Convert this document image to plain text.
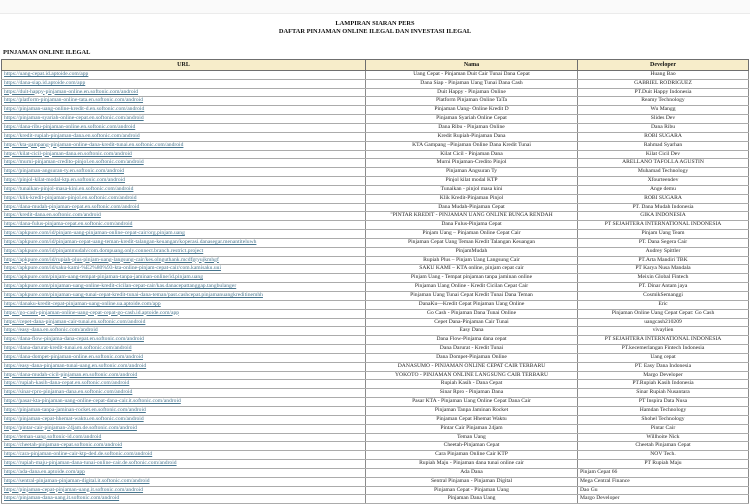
LAMPIRAN SIARAN PERS
DAFTAR PINJAMAN ONLINE ILEGAL DAN INVESTASI ILEGAL
PINJAMAN ONLINE ILEGAL
URL	Nama	Developer
https://uang-cepat.id.aptoide.com/app	Uang Cepat - Pinjaman Duit Cair Tunai Dana Cepat	Huang Bao
https://dana-siap.id.aptoide.com/app	Dana Siap - Pinjaman Uang Tunai Dana Cash	GABRIEL RODRIGUEZ
https://duit-happy-pinjaman-online.en.softonic.com/android	Duit Happy - Pinjaman Online	PT.Duit Happy Indonesia
https://platform-pinjaman-online-tata.en.softonic.com/android	Platform Pinjaman Online TaTa	Reamy Technology
https://pinjaman-uang-online-kredit-d.en.softonic.com/android	Pinjaman Uang- Online Kredit D	Wu Mangg
https://pinjaman-syariah-online-cepat.en.softonic.com/android	Pinjaman Syariah Online Cepat	Slides Dev
https://dana-ribu-pinjaman-online.en.softonic.com/android	Dana Ribu - Pinjaman Online	Dana Ribu
https://kredit-rupiah-pinjaman-dana.en.softonic.com/android	Kredit Rupiah-Pinjaman Dana	ROBI SUGARA
https://kta-gampang-pinjaman-online-dana-kredit-tunai.en.softonic.com/android	KTA Gampang –Pinjaman Online Dana Kredit Tunai	Rahmad Syarhan
https://kilat-cicil-pinjaman-dana.en.softonic.com/android	Kilat Cicil - Pinjaman Dana	Kilat Cicil Dev
https://murni-pinjaman-credito-pinjol.en.softonic.com/android	Murni Pinjaman-Credito Pinjol	ARELLANO TAFOLLA AGUSTIN
https://pinjaman-angsuran-ty.en.softonic.com/android	Pinjaman Angsuran Ty	Muhamad Technology
https://pinjol-kilat-modal-ktp.en.softonic.com/android	Pinjol kilat modal KTP	Xfourteendev
https://tunaikan-pinjol-masa-kini.en.softonic.com/android	Tunaikan - pinjol masa kini	Ange demu
https://klik-kredit-pinjaman-pinjol.en.softonic.com/android	Klik Kredit-Pinjaman Pinjol	ROBI SUGARA
https://dana-mudah-pinjaman-cepat.en.softonic.com/android	Dana Mudah-Pinjaman Cepat	PT. Dana Mudah Indonesia
https://kredit-dana.en.softonic.com/android	"PINTAR KREDIT - PINJAMAN UANG ONLINE BUNGA RENDAH	GIKA INDONESIA
https://dana-fulus-pinjama-cepat.en.softonic.com/android	Dana Fulus-Pinjama Cepat	PT SEJAHTERA INTERNATIONAL INDONESIA
https://apkpure.com/id/pinjam-uang-pinjaman-online-cepat-cair/org.pinjam.uang	Pinjam Uang – Pinjaman Online Cepat Cair	Pinjam Uang Team
https://apkpure.com/id/pinjaman-cepat-uang-teman-kredit-talangan-keuangan/koperasi.danasegar.menantiteluwh	Pinjaman Cepat Uang Teman Kredit Talangan Keuangan	PT. Dana Segera Cair
https://apkpure.com/id/pinjammudah/com.dompuang.only.connect.branch.restrict.project	PinjamMudah	Audrey Spittler
https://apkpure.com/id/rupiah-plus-pinjam-uang-langsung-cair/kes.olnguthank.mcdfgryujkmhgf	Rupiah Plus – Pinjam Uang Langsung Cair	PT.Arta Mandiri TBK
https://apkpure.com/id/saku-kami-%E2%80%93-kta-online-pinjam-cepat-cair/com.kamisaku.uui	SAKU KAMI – KTA online, pinjam cepat cair	PT Karya Nusa Mandala
https://apkpure.com/pinjam-uang-tempat-pinjaman-tanpa-jaminan-online/id.pinjam.uang	Pinjam Uang - Tempat pinjaman tanpa jaminan online	Meixin Global Fintech
https://apkpure.com/pinjaman-uang-online-kredit-cicilan-cepat-cair/kas.danacepattanggap.tangbulanger	Pinjaman Uang Online - Kredit Cicilan Cepat Cair	PT. Dinar Antam jaya
https://apkpure.com/pinjaman-uang-tunai-cepat-kredit-tunai-dana-teman/past.cashcepat.pinjamanuangkreditinemhh	Pinjaman Uang Tunai Cepat Kredit Tunai Dana Teman	CosmikSemanggi
https://danaku-kredit-cepat-pinjaman-uang-online.ua.aptoide.com/app	DanaKu—Kredit Cepat Pinjaman Uang Online	Eric
https://go-cash-pinjaman-online-uang-cepat-cepat-go-cash.id.aptoide.com/app	Go Cash - Pinjaman Dana Tunai Online	Pinjaman Online Uang Cepat Cepat: Go Cash
https://cepet-dana-pinjaman-cair-tunai.en.softonic.com/android	Cepet Dana-Pinjaman Cair Tunai	uangcash210209
https://easy-dana.en.softonic.com/android	Easy Dana	vivaylien
https://dana-flow-pinjama-dana-cepat.en.softonic.com/android	Dana Flow-Pinjama dana cepat	PT SEJAHTERA INTERNATIONAL INDONESIA
https://dana-darurat-kredit-tunai.en.softonic.com/android	Dana Darurat - Kredit Tunai	PT.kecemerlangan Fintech Indonesia
https://dana-dompet-pinjaman-online.en.softonic.com/android	Dana Dompet-Pinjaman Online	Uang cepat
https://easy-dana-pinjaman-tunai-uang.en.softonic.com/android	DANASUMO - PINJAMAN ONLINE CEPAT CAIR TERBARU	PT. Easy Dana Indonesia
https://dana-mudah-cicil-pinjaman.en.softonic.com/android	YOKOTO - PINJAMAN ONLINE LANGSUNG CAIR TERBARU	Margo Developer
https://rupiah-kasih-dana-cepat.en.softonic.com/android	Rupiah Kasih - Dana Cepat	PT.Rupiah Kasih Indonesia
https://sinar-rpro-pinjaman-dana.en.softonic.com/android	Sinar Rpro - Pinjaman Dana	Sinar Rupiah Nusantara
https://pasar-kta-pinjaman-uang-online-cepat-dana-cair.it.softonic.com/android	Pasar KTA - Pinjaman Uang Online Cepat Dana Cair	PT Inspira Data Nusa
https://pinjaman-tanpa-jaminan-rocket.en.softonic.com/android	Pinjaman Tanpa Jaminan Rocket	Hamdan Technology
https://pinjaman-cepat-hhemat-waktu.en.softonic.com/android	Pinjaman Cepat Hhemat Waktu	Shohel Technology
https://pintar-cair-pinjaman-24jam.de.softonic.com/android	Pintar Cair Pinjaman 24jam	Pintar Cair
https://teman-uang.softonic-id.com/android	Teman Uang	Willhoite Nick
https://cheetah-pinjaman-cepat.softonic.com/android	Cheetah-Pinjaman Cepat	Cheetah Pinjaman Cepat
https://cara-pinjaman-online-cair-ktp-ded.de.softonic.com/android	Cara Pinjaman Online Cair KTP	NOV Tech.
https://rupiah-maju-pinjaman-dana-tunai-online-cair.de.softonic.com/android	Rupiah Maju - Pinjaman dana tunai online cair	PT Rupiah Maju
https://ada-dana.en.aptoide.com/app	Ada Dana	Pinjam Cepat 66
https://sentral-pinjaman-pinjaman-digital.it.softonic.com/android	Sentral Pinjaman - Pinjaman Digital	Mega Central Finance
https://pinjaman-cepat-pinjaman-uang.it.softonic.com/android	Pinjaman Cepat - Pinjaman Uang	Dao Gu
https://pinjaman-dana-uang.it.softonic.com/android	Pinjaman Dana Uang	Margo Developer
